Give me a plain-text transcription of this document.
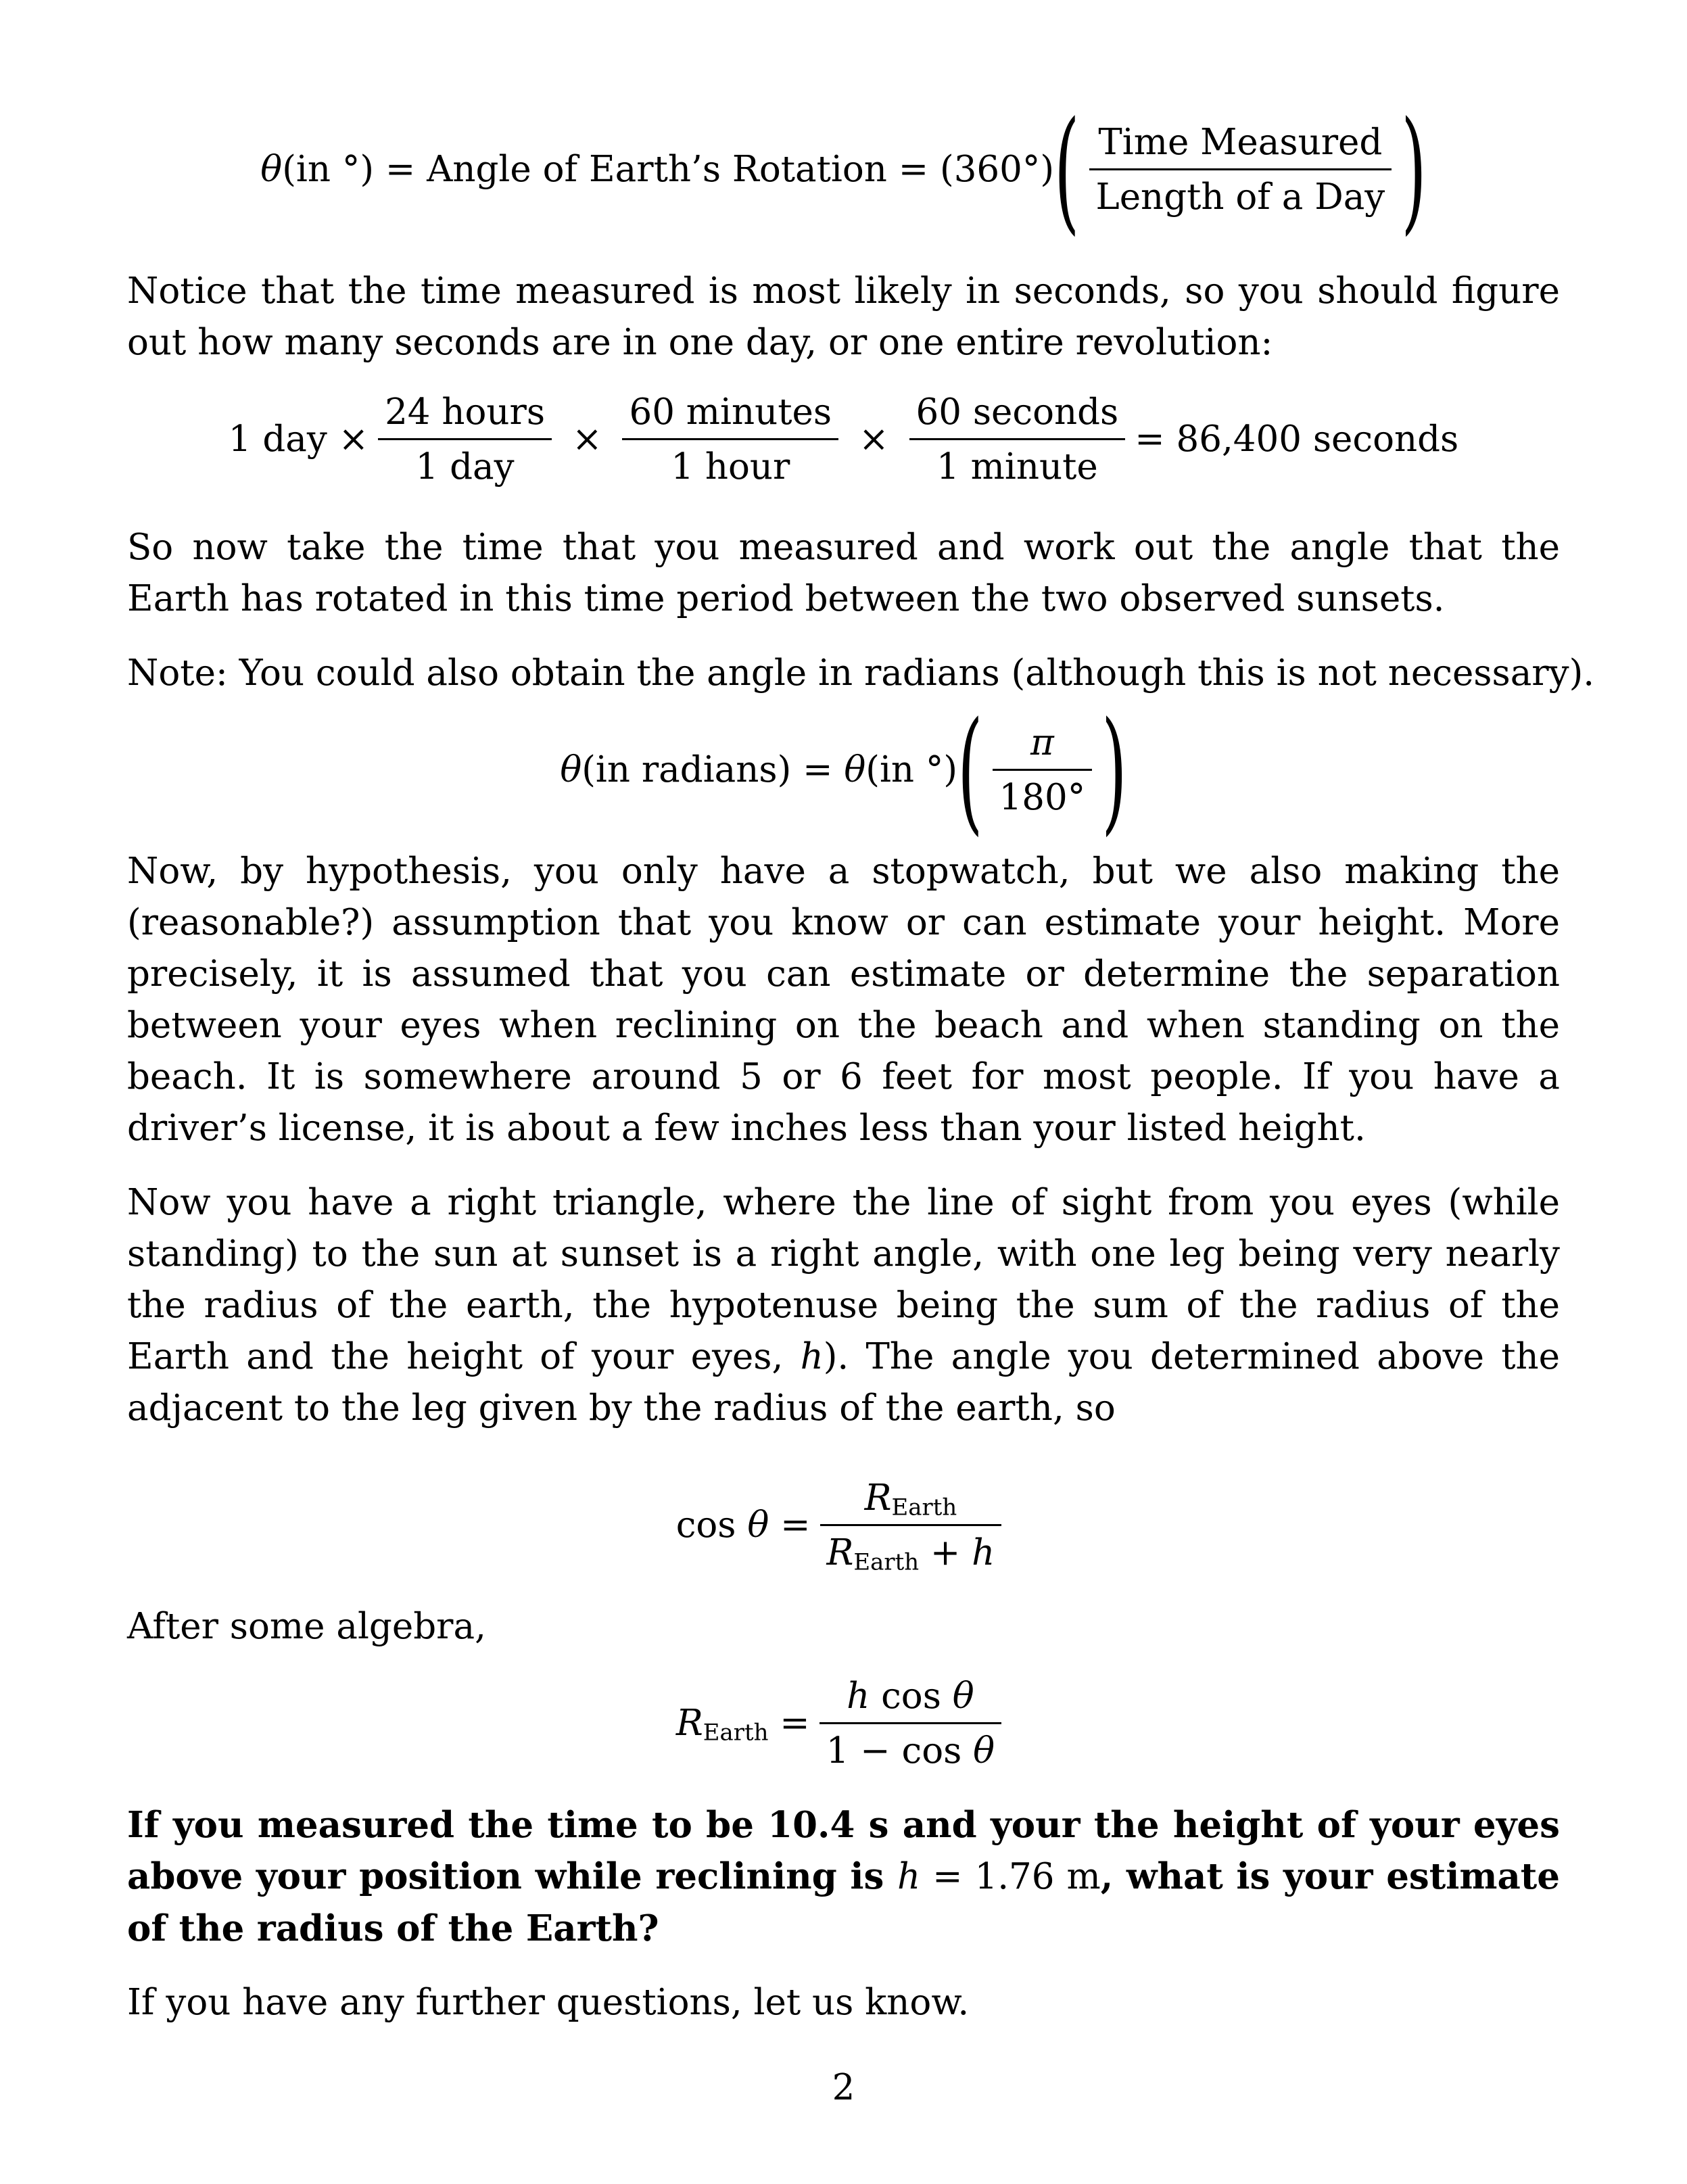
θ(in °) = Angle of Earth’s Rotation = (360°) ( $\frac{\text{Time Measured}}{\text{Length of a Day}}$ )

Notice that the time measured is most likely in seconds, so you should figure out how many seconds are in one day, or one entire revolution:

1 day × $\frac{\text{24 hours}}{\text{1 day}} \times \frac{\text{60 minutes}}{\text{1 hour}} \times \frac{\text{60 seconds}}{\text{1 minute}} = 86,400$ seconds

So now take the time that you measured and work out the angle that the Earth has rotated in this time period between the two observed sunsets.

Note: You could also obtain the angle in radians (although this is not necessary).

θ(in radians) = θ(in °) ( $\frac{\pi}{180^\circ}$ )

Now, by hypothesis, you only have a stopwatch, but we also making the (reasonable?) assumption that you know or can estimate your height. More precisely, it is assumed that you can estimate or determine the separation between your eyes when reclining on the beach and when standing on the beach. It is somewhere around 5 or 6 feet for most people. If you have a driver’s license, it is about a few inches less than your listed height.

Now you have a right triangle, where the line of sight from you eyes (while standing) to the sun at sunset is a right angle, with one leg being very nearly the radius of the earth, the hypotenuse being the sum of the radius of the Earth and the height of your eyes, h). The angle you determined above the adjacent to the leg given by the radius of the earth, so

$\cos \theta = \frac{R_{Earth}}{R_{Earth} + h}$

After some algebra,

$R_{Earth} = \frac{\text{h cos θ}}{\text{1 − cos θ}}$

If you measured the time to be 10.4 s and your the height of your eyes above your position while reclining is h = 1.76 m, what is your estimate of the radius of the Earth?

If you have any further questions, let us know.

2
